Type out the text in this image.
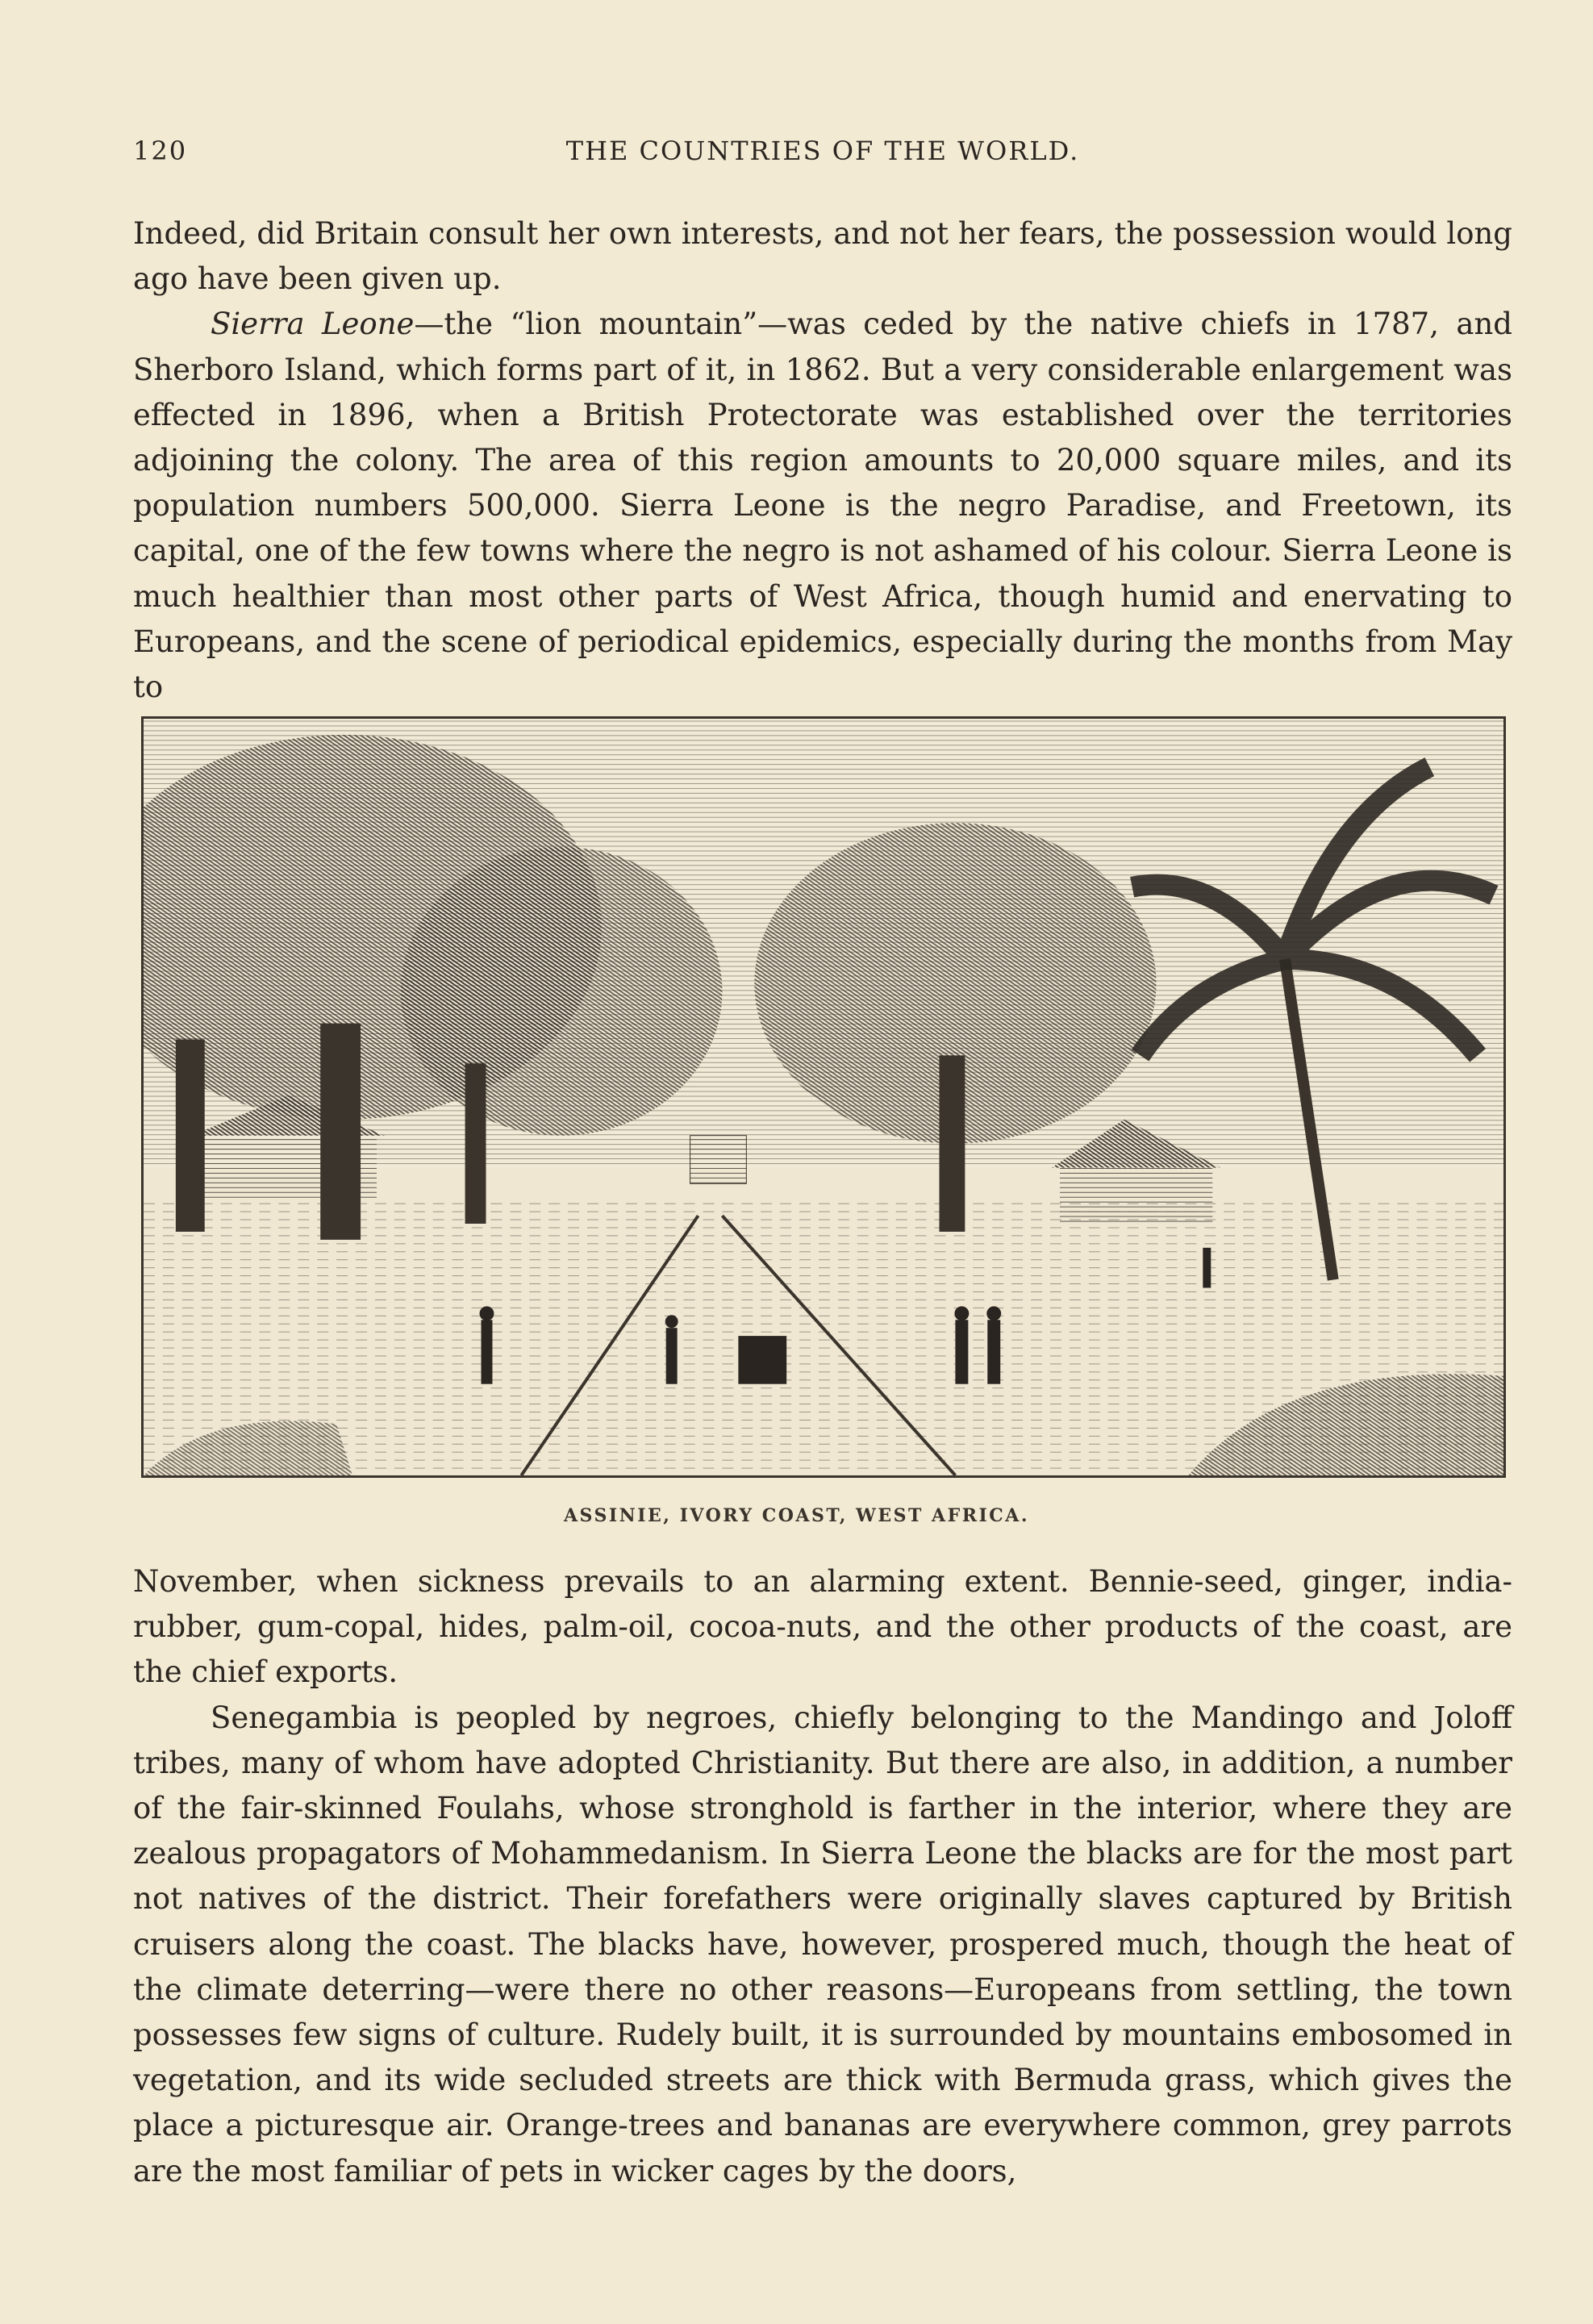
120	THE COUNTRIES OF THE WORLD.

Indeed, did Britain consult her own interests, and not her fears, the possession would long ago have been given up.

Sierra Leone—the “lion mountain”—was ceded by the native chiefs in 1787, and Sherboro Island, which forms part of it, in 1862. But a very considerable enlargement was effected in 1896, when a British Protectorate was established over the territories adjoining the colony. The area of this region amounts to 20,000 square miles, and its population numbers 500,000. Sierra Leone is the negro Paradise, and Freetown, its capital, one of the few towns where the negro is not ashamed of his colour. Sierra Leone is much healthier than most other parts of West Africa, though humid and enervating to Europeans, and the scene of periodical epidemics, especially during the months from May to

ASSINIE, IVORY COAST, WEST AFRICA.

November, when sickness prevails to an alarming extent. Bennie-seed, ginger, india-rubber, gum-copal, hides, palm-oil, cocoa-nuts, and the other products of the coast, are the chief exports.

Senegambia is peopled by negroes, chiefly belonging to the Mandingo and Joloff tribes, many of whom have adopted Christianity. But there are also, in addition, a number of the fair-skinned Foulahs, whose stronghold is farther in the interior, where they are zealous propagators of Mohammedanism. In Sierra Leone the blacks are for the most part not natives of the district. Their forefathers were originally slaves captured by British cruisers along the coast. The blacks have, however, prospered much, though the heat of the climate deterring—were there no other reasons—Europeans from settling, the town possesses few signs of culture. Rudely built, it is surrounded by mountains embosomed in vegetation, and its wide secluded streets are thick with Bermuda grass, which gives the place a picturesque air. Orange-trees and bananas are everywhere common, grey parrots are the most familiar of pets in wicker cages by the doors,
